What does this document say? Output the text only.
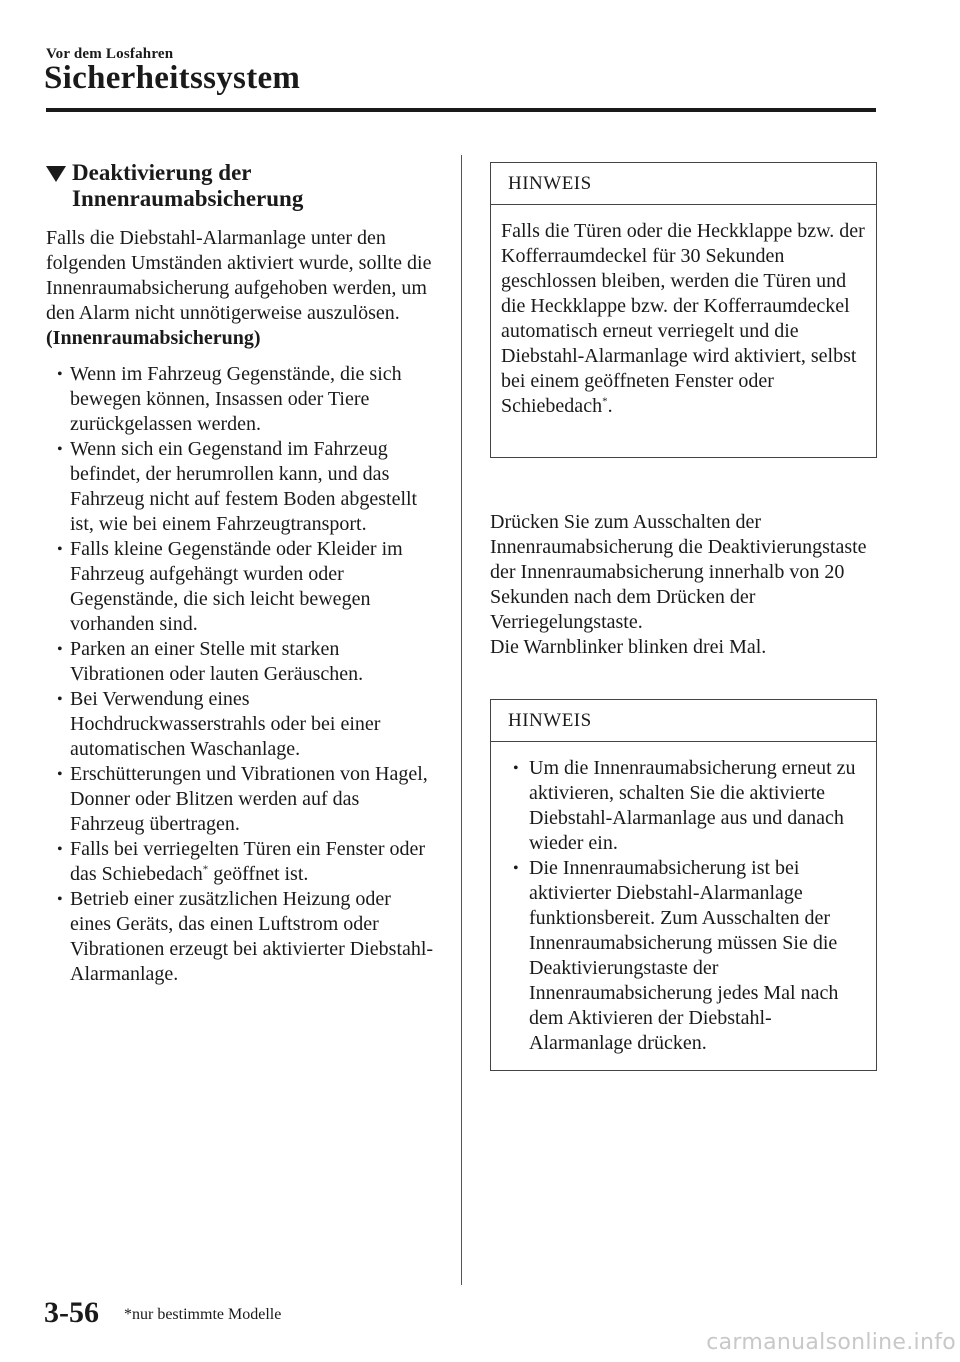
Vor dem Losfahren
Sicherheitssystem
Deaktivierung der
Innenraumabsicherung

Falls die Diebstahl-Alarmanlage unter den folgenden Umständen aktiviert wurde, sollte die Innenraumabsicherung aufgehoben werden, um den Alarm nicht unnötigerweise auszulösen.

(Innenraumabsicherung)

• Wenn im Fahrzeug Gegenstände, die sich bewegen können, Insassen oder Tiere zurückgelassen werden.
• Wenn sich ein Gegenstand im Fahrzeug befindet, der herumrollen kann, und das Fahrzeug nicht auf festem Boden abgestellt ist, wie bei einem Fahrzeugtransport.
• Falls kleine Gegenstände oder Kleider im Fahrzeug aufgehängt wurden oder Gegenstände, die sich leicht bewegen vorhanden sind.
• Parken an einer Stelle mit starken Vibrationen oder lauten Geräuschen.
• Bei Verwendung eines Hochdruckwasserstrahls oder bei einer automatischen Waschanlage.
• Erschütterungen und Vibrationen von Hagel, Donner oder Blitzen werden auf das Fahrzeug übertragen.
• Falls bei verriegelten Türen ein Fenster oder das Schiebedach* geöffnet ist.
• Betrieb einer zusätzlichen Heizung oder eines Geräts, das einen Luftstrom oder Vibrationen erzeugt bei aktivierter Diebstahl-Alarmanlage.
HINWEIS
Falls die Türen oder die Heckklappe bzw. der Kofferraumdeckel für 30 Sekunden geschlossen bleiben, werden die Türen und die Heckklappe bzw. der Kofferraumdeckel automatisch erneut verriegelt und die Diebstahl-Alarmanlage wird aktiviert, selbst bei einem geöffneten Fenster oder Schiebedach*.

Drücken Sie zum Ausschalten der Innenraumabsicherung die Deaktivierungstaste der Innenraumabsicherung innerhalb von 20 Sekunden nach dem Drücken der Verriegelungstaste.
Die Warnblinker blinken drei Mal.

HINWEIS
• Um die Innenraumabsicherung erneut zu aktivieren, schalten Sie die aktivierte Diebstahl-Alarmanlage aus und danach wieder ein.
• Die Innenraumabsicherung ist bei aktivierter Diebstahl-Alarmanlage funktionsbereit. Zum Ausschalten der Innenraumabsicherung müssen Sie die Deaktivierungstaste der Innenraumabsicherung jedes Mal nach dem Aktivieren der Diebstahl-Alarmanlage drücken.
3-56 *nur bestimmte Modelle
carmanualsonline.info
